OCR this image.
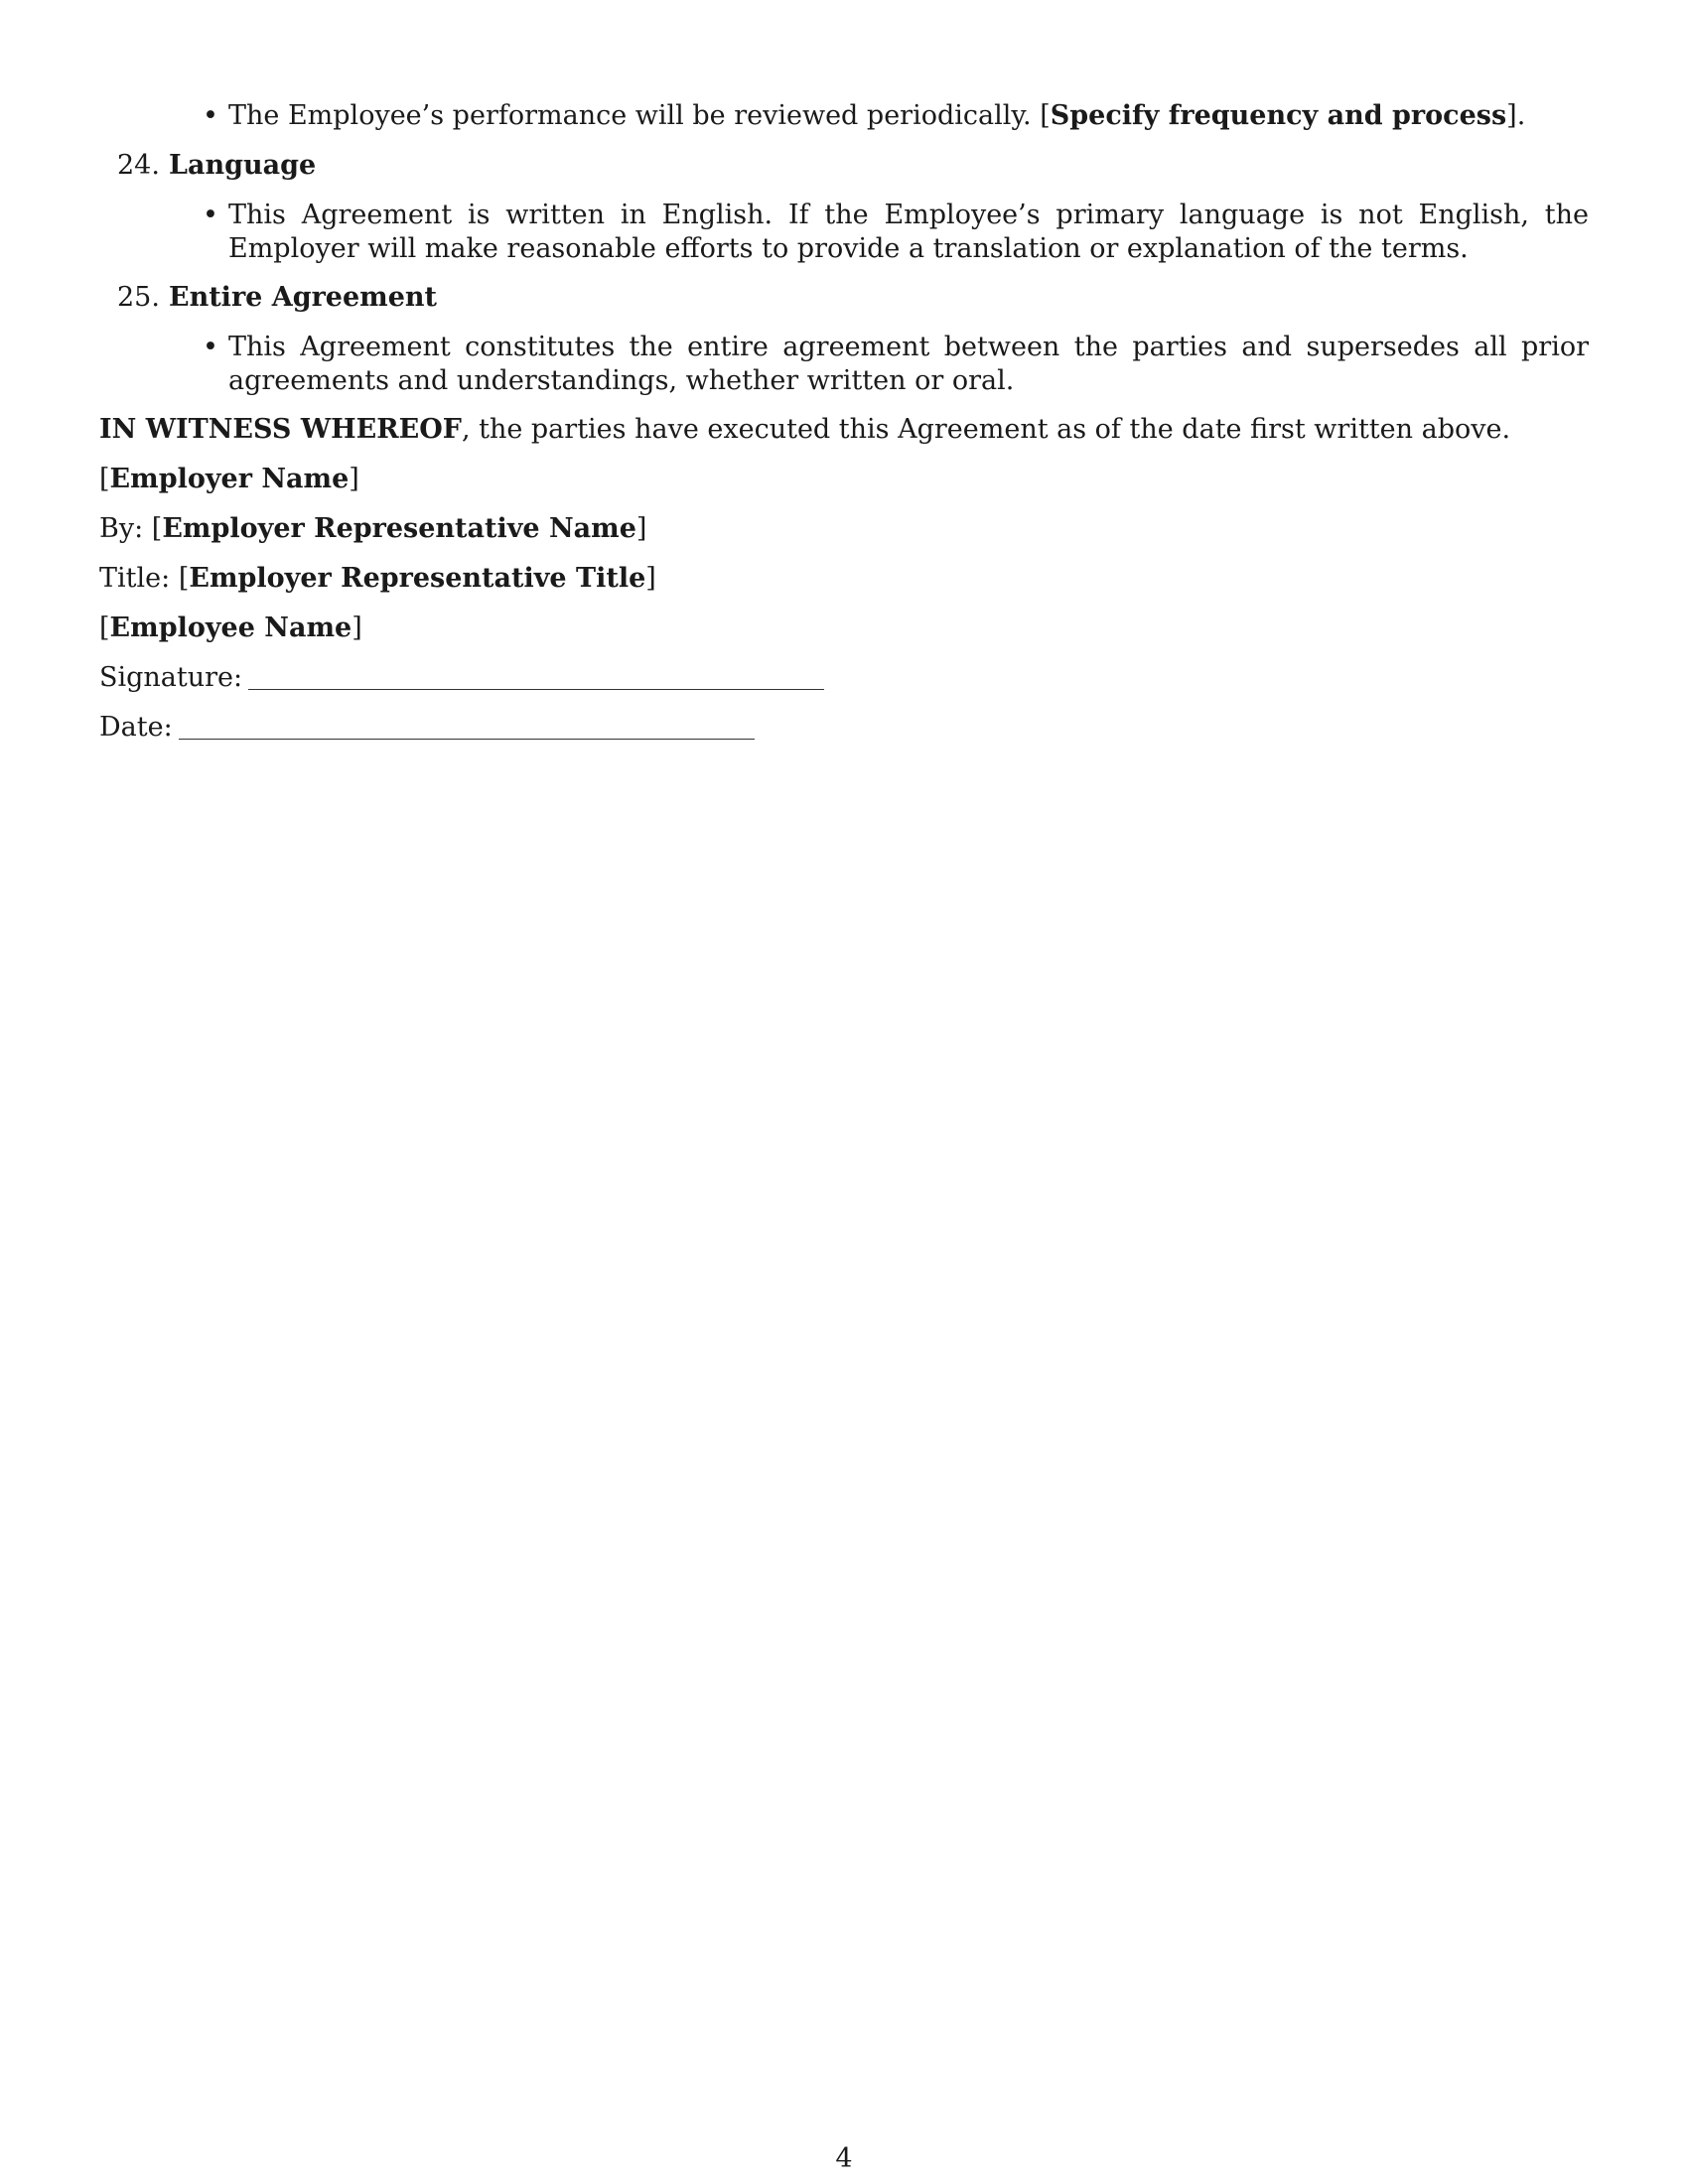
• The Employee’s performance will be reviewed periodically. [Specify frequency and process].
24. Language
• This Agreement is written in English. If the Employee’s primary language is not English, the Employer will make reasonable efforts to provide a translation or explanation of the terms.
25. Entire Agreement
• This Agreement constitutes the entire agreement between the parties and supersedes all prior agreements and understandings, whether written or oral.
IN WITNESS WHEREOF, the parties have executed this Agreement as of the date first written above.
[Employer Name]
By: [Employer Representative Name]
Title: [Employer Representative Title]
[Employee Name]
Signature:
Date:
4
